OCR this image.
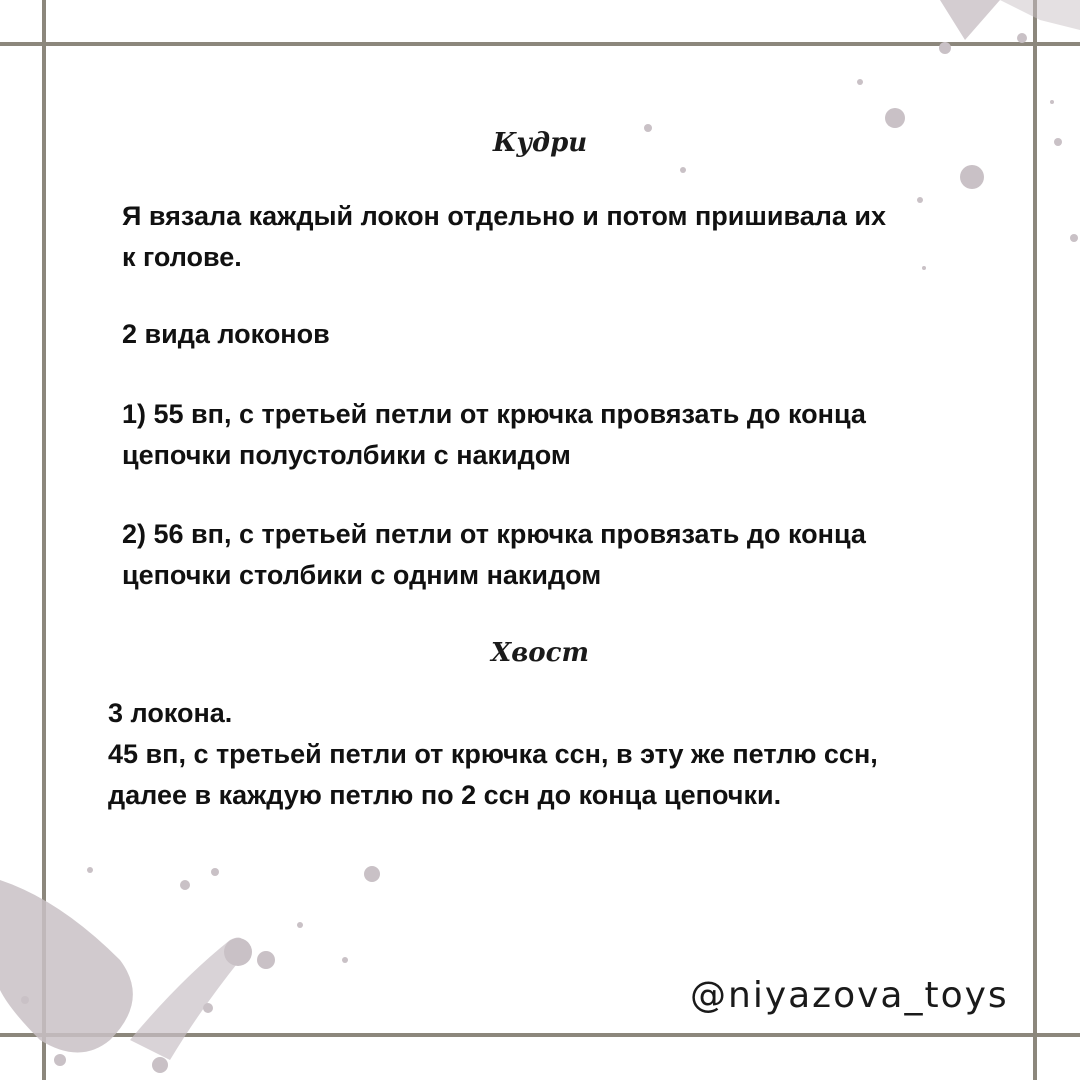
Кудри
Я вязала каждый локон отдельно и потом пришивала их
к голове.
2 вида локонов
1) 55 вп, с третьей петли от крючка провязать до конца
цепочки полустолбики с накидом
2) 56 вп, с третьей петли от крючка провязать до конца
цепочки столбики с одним накидом
Хвост
3 локона.
45 вп, с третьей петли от крючка ссн, в эту же петлю ссн,
далее в каждую петлю по 2 ссн до конца цепочки.
@niyazova_toys
